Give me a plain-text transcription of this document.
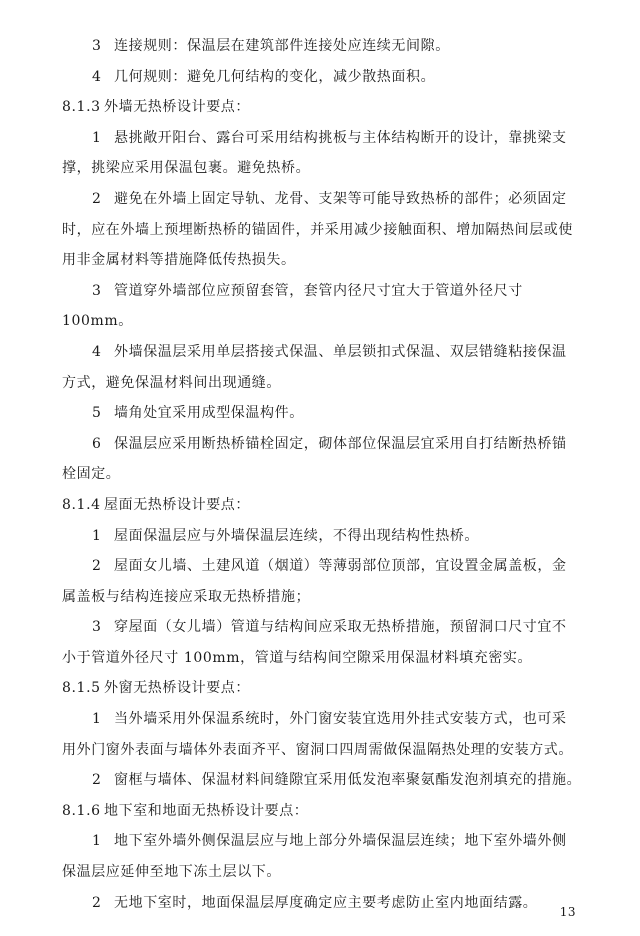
3 连接规则：保温层在建筑部件连接处应连续无间隙。
4 几何规则：避免几何结构的变化，减少散热面积。
8.1.3 外墙无热桥设计要点：
1 悬挑敞开阳台、露台可采用结构挑板与主体结构断开的设计，靠挑梁支
撑，挑梁应采用保温包裹。避免热桥。
2 避免在外墙上固定导轨、龙骨、支架等可能导致热桥的部件；必须固定
时，应在外墙上预埋断热桥的锚固件，并采用减少接触面积、增加隔热间层或使
用非金属材料等措施降低传热损失。
3 管道穿外墙部位应预留套管，套管内径尺寸宜大于管道外径尺寸
100mm。
4 外墙保温层采用单层搭接式保温、单层锁扣式保温、双层错缝粘接保温
方式，避免保温材料间出现通缝。
5 墙角处宜采用成型保温构件。
6 保温层应采用断热桥锚栓固定，砌体部位保温层宜采用自打结断热桥锚
栓固定。
8.1.4 屋面无热桥设计要点：
1 屋面保温层应与外墙保温层连续，不得出现结构性热桥。
2 屋面女儿墙、土建风道（烟道）等薄弱部位顶部，宜设置金属盖板，金
属盖板与结构连接应采取无热桥措施；
3 穿屋面（女儿墙）管道与结构间应采取无热桥措施，预留洞口尺寸宜不
小于管道外径尺寸 100mm，管道与结构间空隙采用保温材料填充密实。
8.1.5 外窗无热桥设计要点：
1 当外墙采用外保温系统时，外门窗安装宜选用外挂式安装方式，也可采
用外门窗外表面与墙体外表面齐平、窗洞口四周需做保温隔热处理的安装方式。
2 窗框与墙体、保温材料间缝隙宜采用低发泡率聚氨酯发泡剂填充的措施。
8.1.6 地下室和地面无热桥设计要点：
1 地下室外墙外侧保温层应与地上部分外墙保温层连续；地下室外墙外侧
保温层应延伸至地下冻土层以下。
2 无地下室时，地面保温层厚度确定应主要考虑防止室内地面结露。
13
